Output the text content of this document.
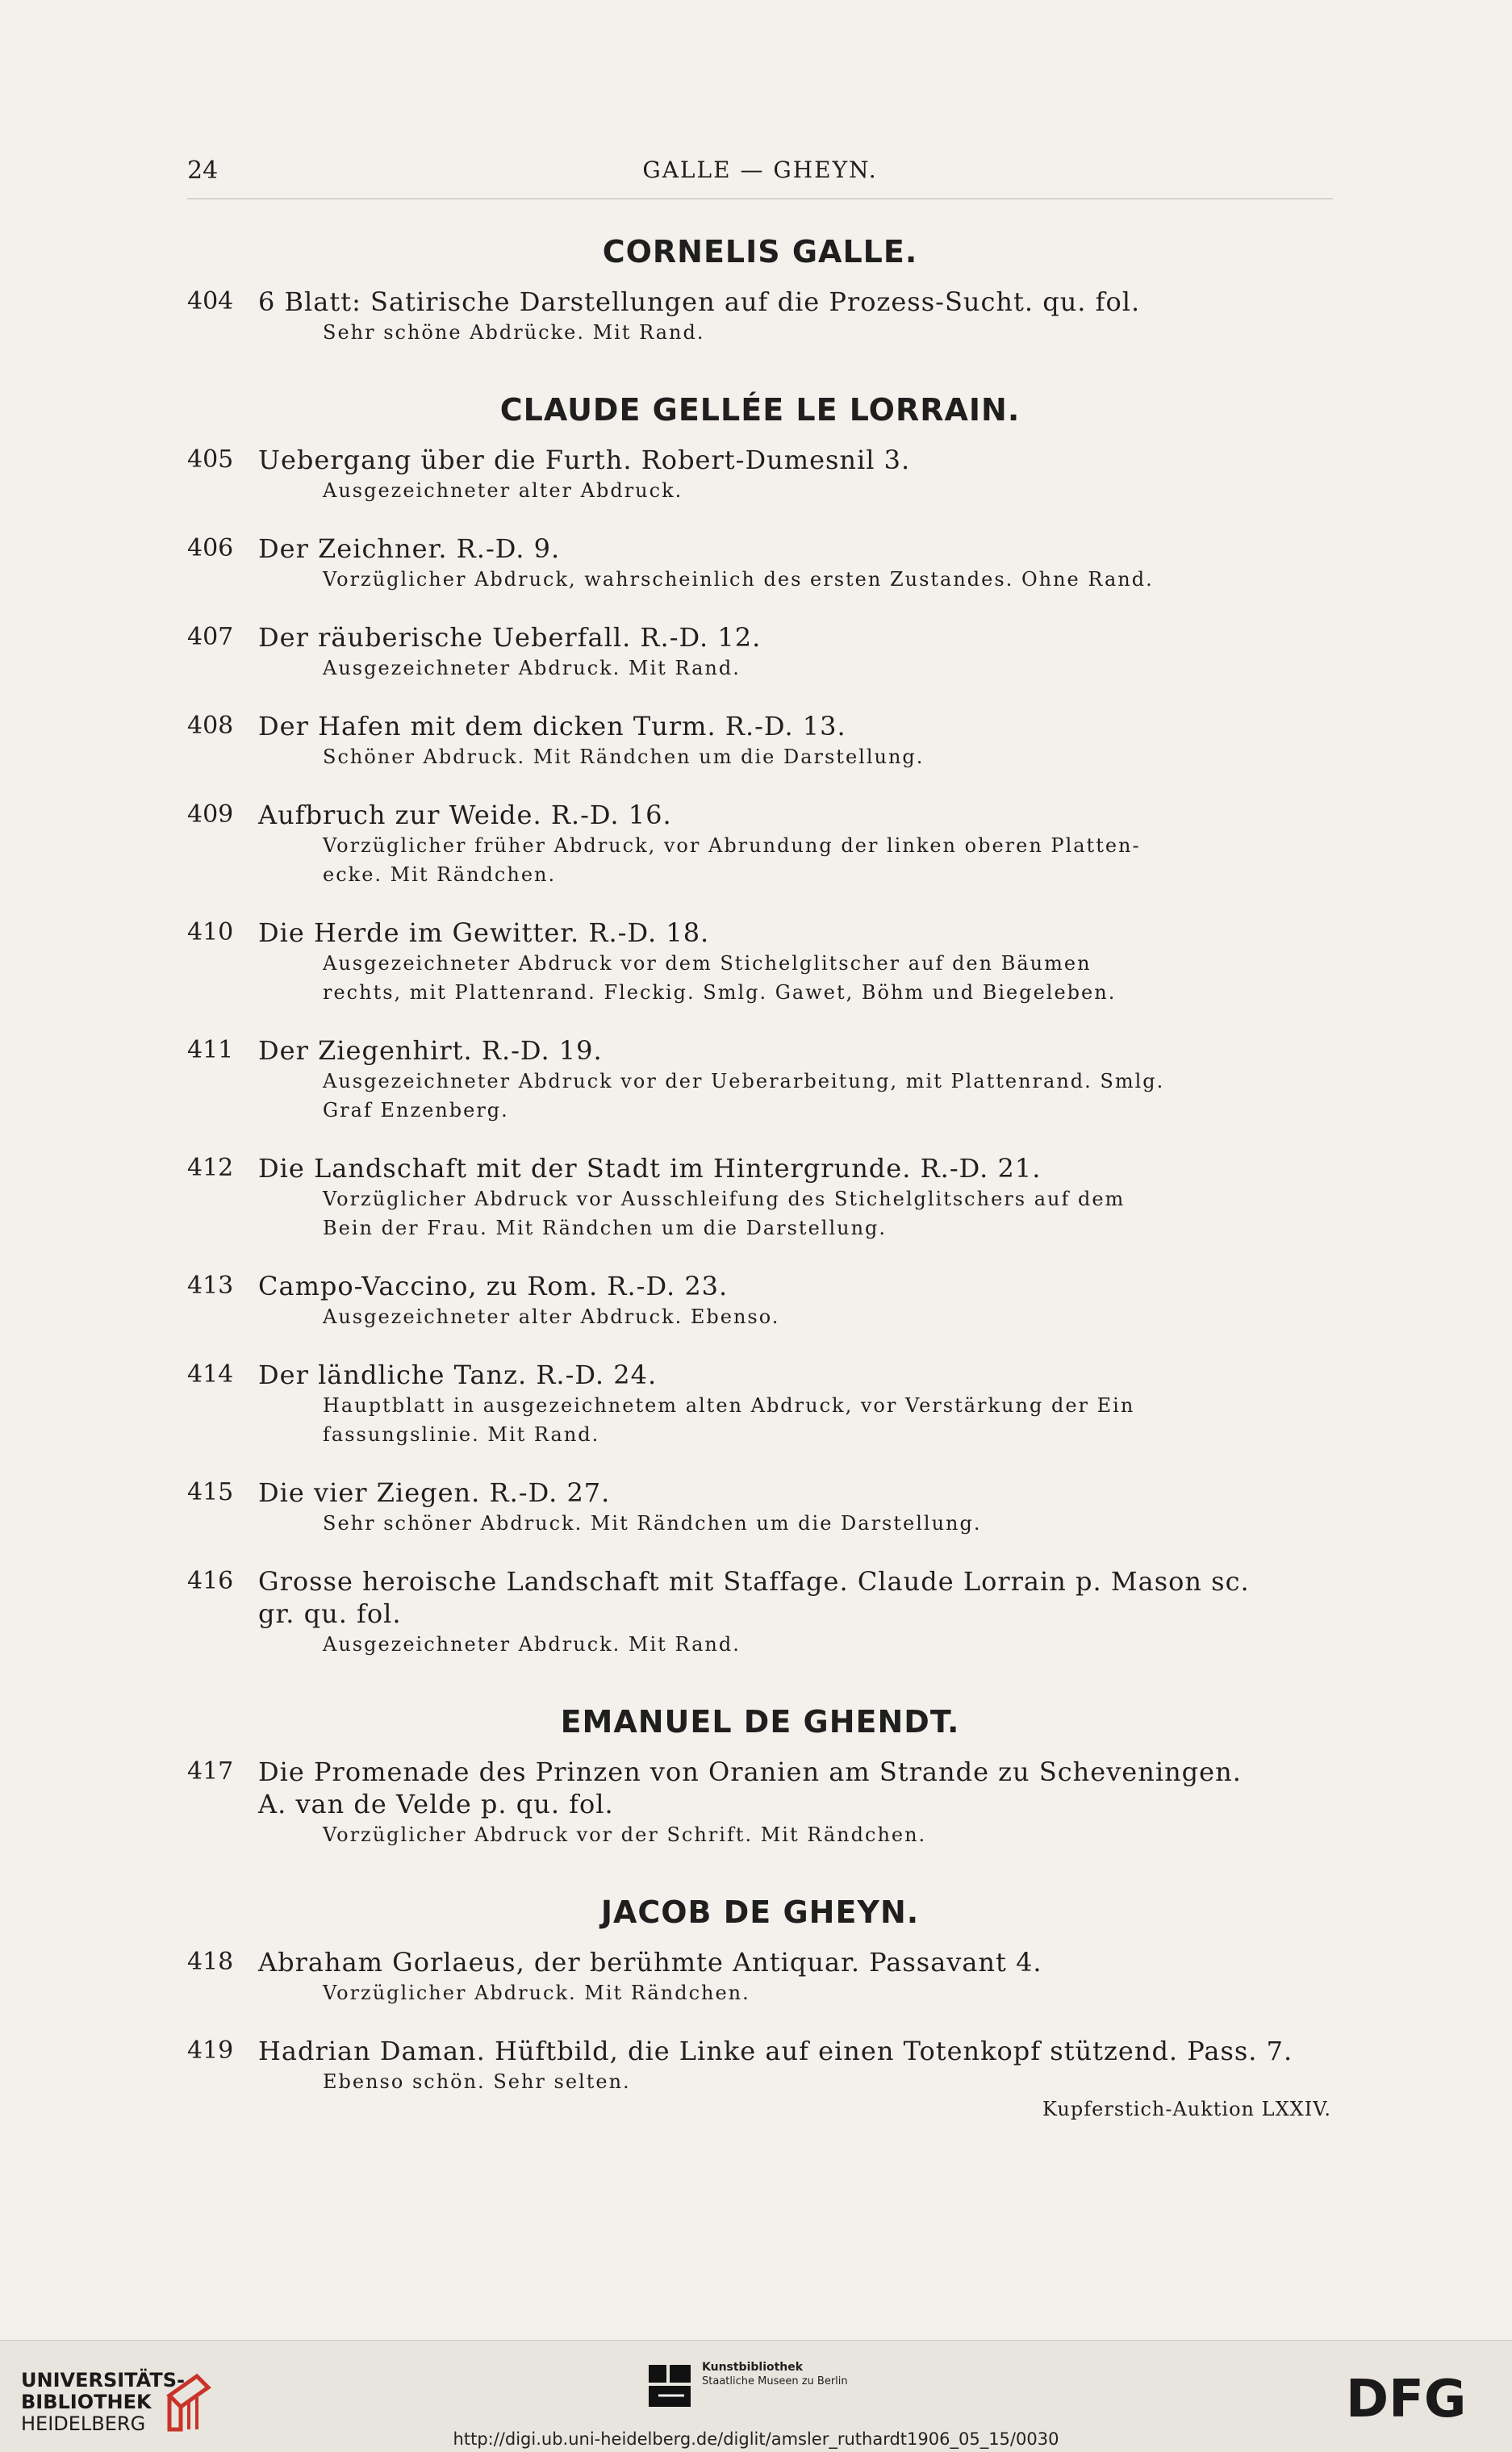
24	GALLE — GHEYN.
CORNELIS GALLE.
404 6 Blatt: Satirische Darstellungen auf die Prozess-Sucht. qu. fol.
Sehr schöne Abdrücke. Mit Rand.
CLAUDE GELLÉE LE LORRAIN.
405 Uebergang über die Furth. Robert-Dumesnil 3.
Ausgezeichneter alter Abdruck.
406 Der Zeichner. R.-D. 9.
Vorzüglicher Abdruck, wahrscheinlich des ersten Zustandes. Ohne Rand.
407 Der räuberische Ueberfall. R.-D. 12.
Ausgezeichneter Abdruck. Mit Rand.
408 Der Hafen mit dem dicken Turm. R.-D. 13.
Schöner Abdruck. Mit Rändchen um die Darstellung.
409 Aufbruch zur Weide. R.-D. 16.
Vorzüglicher früher Abdruck, vor Abrundung der linken oberen Platten-
ecke. Mit Rändchen.
410 Die Herde im Gewitter. R.-D. 18.
Ausgezeichneter Abdruck vor dem Stichelglitscher auf den Bäumen
rechts, mit Plattenrand. Fleckig. Smlg. Gawet, Böhm und Biegeleben.
411 Der Ziegenhirt. R.-D. 19.
Ausgezeichneter Abdruck vor der Ueberarbeitung, mit Plattenrand. Smlg.
Graf Enzenberg.
412 Die Landschaft mit der Stadt im Hintergrunde. R.-D. 21.
Vorzüglicher Abdruck vor Ausschleifung des Stichelglitschers auf dem
Bein der Frau. Mit Rändchen um die Darstellung.
413 Campo-Vaccino, zu Rom. R.-D. 23.
Ausgezeichneter alter Abdruck. Ebenso.
414 Der ländliche Tanz. R.-D. 24.
Hauptblatt in ausgezeichnetem alten Abdruck, vor Verstärkung der Ein
fassungslinie. Mit Rand.
415 Die vier Ziegen. R.-D. 27.
Sehr schöner Abdruck. Mit Rändchen um die Darstellung.
416 Grosse heroische Landschaft mit Staffage. Claude Lorrain p. Mason sc.
gr. qu. fol.
Ausgezeichneter Abdruck. Mit Rand.
EMANUEL DE GHENDT.
417 Die Promenade des Prinzen von Oranien am Strande zu Scheveningen.
A. van de Velde p. qu. fol.
Vorzüglicher Abdruck vor der Schrift. Mit Rändchen.
JACOB DE GHEYN.
418 Abraham Gorlaeus, der berühmte Antiquar. Passavant 4.
Vorzüglicher Abdruck. Mit Rändchen.
419 Hadrian Daman. Hüftbild, die Linke auf einen Totenkopf stützend. Pass. 7.
Ebenso schön. Sehr selten.
Kupferstich-Auktion LXXIV.
UNIVERSITÄTS-
BIBLIOTHEK
HEIDELBERG
Kunstbibliothek
Staatliche Museen zu Berlin	DFG
http://digi.ub.uni-heidelberg.de/diglit/amsler_ruthardt1906_05_15/0030
